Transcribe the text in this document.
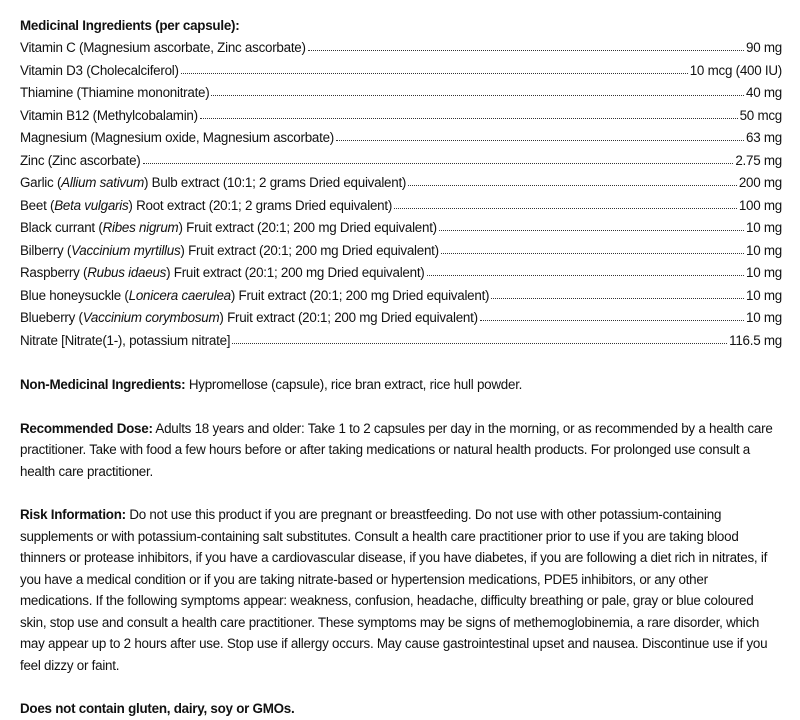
Medicinal Ingredients (per capsule):
Vitamin C (Magnesium ascorbate, Zinc ascorbate)	90 mg
Vitamin D3 (Cholecalciferol)	10 mcg (400 IU)
Thiamine (Thiamine mononitrate)	40 mg
Vitamin B12 (Methylcobalamin)	50 mcg
Magnesium (Magnesium oxide, Magnesium ascorbate)	63 mg
Zinc (Zinc ascorbate)	2.75 mg
Garlic (Allium sativum) Bulb extract (10:1; 2 grams Dried equivalent)	200 mg
Beet (Beta vulgaris) Root extract (20:1; 2 grams Dried equivalent)	100 mg
Black currant (Ribes nigrum) Fruit extract (20:1; 200 mg Dried equivalent)	10 mg
Bilberry (Vaccinium myrtillus) Fruit extract (20:1; 200 mg Dried equivalent)	10 mg
Raspberry (Rubus idaeus) Fruit extract (20:1; 200 mg Dried equivalent)	10 mg
Blue honeysuckle (Lonicera caerulea) Fruit extract (20:1; 200 mg Dried equivalent)	10 mg
Blueberry (Vaccinium corymbosum) Fruit extract (20:1; 200 mg Dried equivalent)	10 mg
Nitrate [Nitrate(1-), potassium nitrate]	116.5 mg

Non-Medicinal Ingredients: Hypromellose (capsule), rice bran extract, rice hull powder.

Recommended Dose: Adults 18 years and older: Take 1 to 2 capsules per day in the morning, or as recommended by a health care practitioner. Take with food a few hours before or after taking medications or natural health products. For prolonged use consult a health care practitioner.

Risk Information: Do not use this product if you are pregnant or breastfeeding. Do not use with other potassium-containing supplements or with potassium-containing salt substitutes. Consult a health care practitioner prior to use if you are taking blood thinners or protease inhibitors, if you have a cardiovascular disease, if you have diabetes, if you are following a diet rich in nitrates, if you have a medical condition or if you are taking nitrate-based or hypertension medications, PDE5 inhibitors, or any other medications. If the following symptoms appear: weakness, confusion, headache, difficulty breathing or pale, gray or blue coloured skin, stop use and consult a health care practitioner. These symptoms may be signs of methemoglobinemia, a rare disorder, which may appear up to 2 hours after use. Stop use if allergy occurs. May cause gastrointestinal upset and nausea. Discontinue use if you feel dizzy or faint.

Does not contain gluten, dairy, soy or GMOs.
